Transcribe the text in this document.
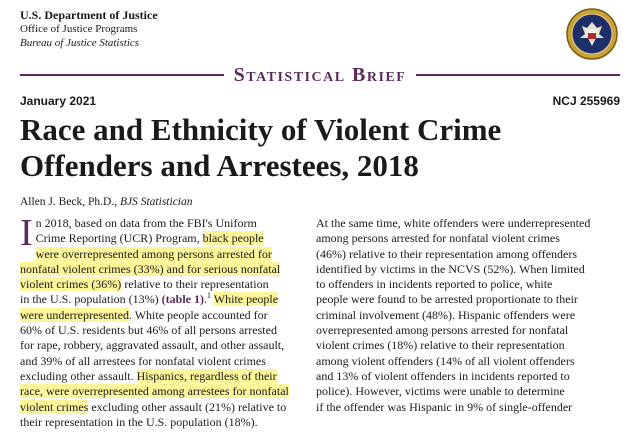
U.S. Department of Justice
Office of Justice Programs
Bureau of Justice Statistics
Statistical Brief
January 2021	NCJ 255969
Race and Ethnicity of Violent Crime
Offenders and Arrestees, 2018
Allen J. Beck, Ph.D., BJS Statistician
I n 2018, based on data from the FBI's Uniform
Crime Reporting (UCR) Program, black people
were overrepresented among persons arrested for
nonfatal violent crimes (33%) and for serious nonfatal
violent crimes (36%) relative to their representation
in the U.S. population (13%) (table 1).$^1$ White people
were underrepresented. White people accounted for
60% of U.S. residents but 46% of all persons arrested
for rape, robbery, aggravated assault, and other assault,
and 39% of all arrestees for nonfatal violent crimes
excluding other assault. Hispanics, regardless of their
race, were overrepresented among arrestees for nonfatal
violent crimes excluding other assault (21%) relative to
their representation in the U.S. population (18%).
At the same time, white offenders were underrepresented
among persons arrested for nonfatal violent crimes
(46%) relative to their representation among offenders
identified by victims in the NCVS (52%). When limited
to offenders in incidents reported to police, white
people were found to be arrested proportionate to their
criminal involvement (48%). Hispanic offenders were
overrepresented among persons arrested for nonfatal
violent crimes (18%) relative to their representation
among violent offenders (14% of all violent offenders
and 13% of violent offenders in incidents reported to
police). However, victims were unable to determine
if the offender was Hispanic in 9% of single-offender
